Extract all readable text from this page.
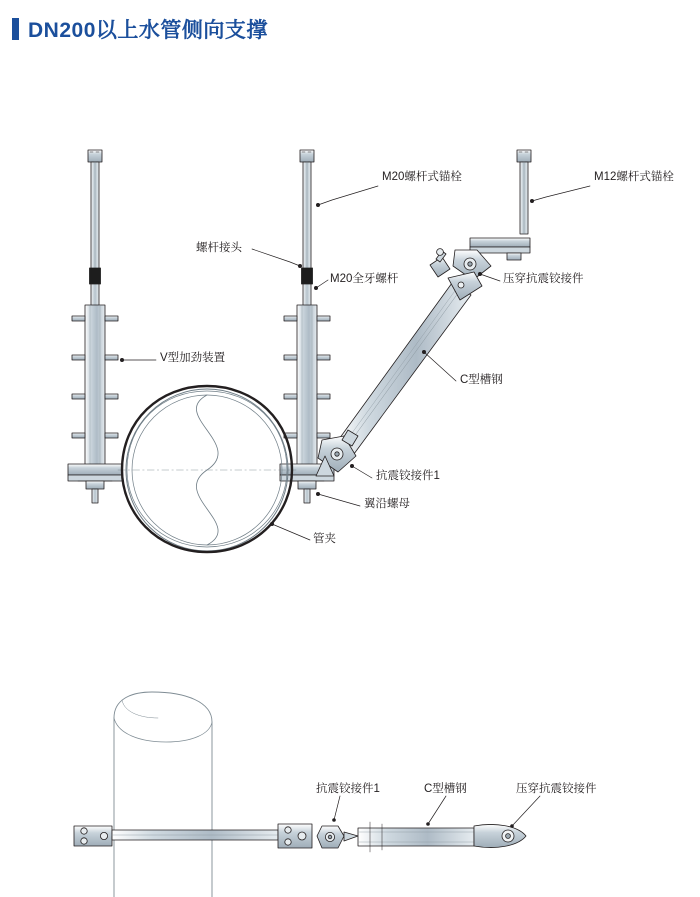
DN200以上水管侧向支撑
M20螺杆式锚栓	M12螺杆式锚栓
螺杆接头
M20全牙螺杆	压穿抗震铰接件
V型加劲装置
C型槽钢
抗震铰接件1
翼沿螺母
管夹
抗震铰接件1	C型槽钢	压穿抗震铰接件
